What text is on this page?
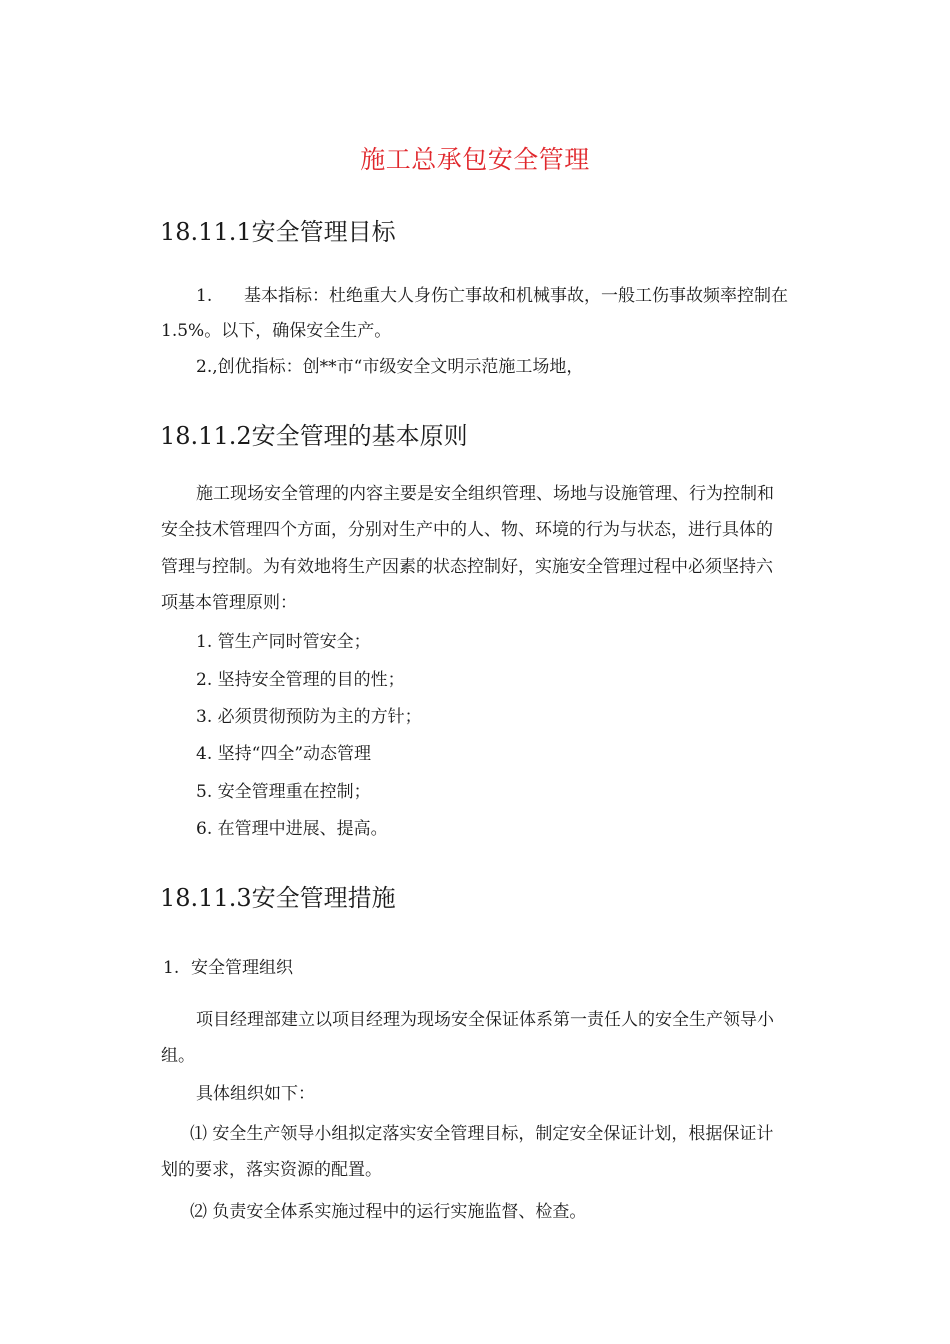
施工总承包安全管理
18.11.1安全管理目标
1. 基本指标：杜绝重大人身伤亡事故和机械事故，一般工伤事故频率控制在
1.5%。以下，确保安全生产。
2.,创优指标：创**市“市级安全文明示范施工场地，
18.11.2安全管理的基本原则
施工现场安全管理的内容主要是安全组织管理、场地与设施管理、行为控制和
安全技术管理四个方面，分别对生产中的人、物、环境的行为与状态，进行具体的
管理与控制。为有效地将生产因素的状态控制好，实施安全管理过程中必须坚持六
项基本管理原则：
1. 管生产同时管安全；
2. 坚持安全管理的目的性；
3. 必须贯彻预防为主的方针；
4. 坚持“四全”动态管理
5. 安全管理重在控制；
6. 在管理中进展、提高。
18.11.3安全管理措施
1. 安全管理组织
项目经理部建立以项目经理为现场安全保证体系第一责任人的安全生产领导小
组。
具体组织如下：
⑴ 安全生产领导小组拟定落实安全管理目标，制定安全保证计划，根据保证计
划的要求，落实资源的配置。
⑵ 负责安全体系实施过程中的运行实施监督、检查。
